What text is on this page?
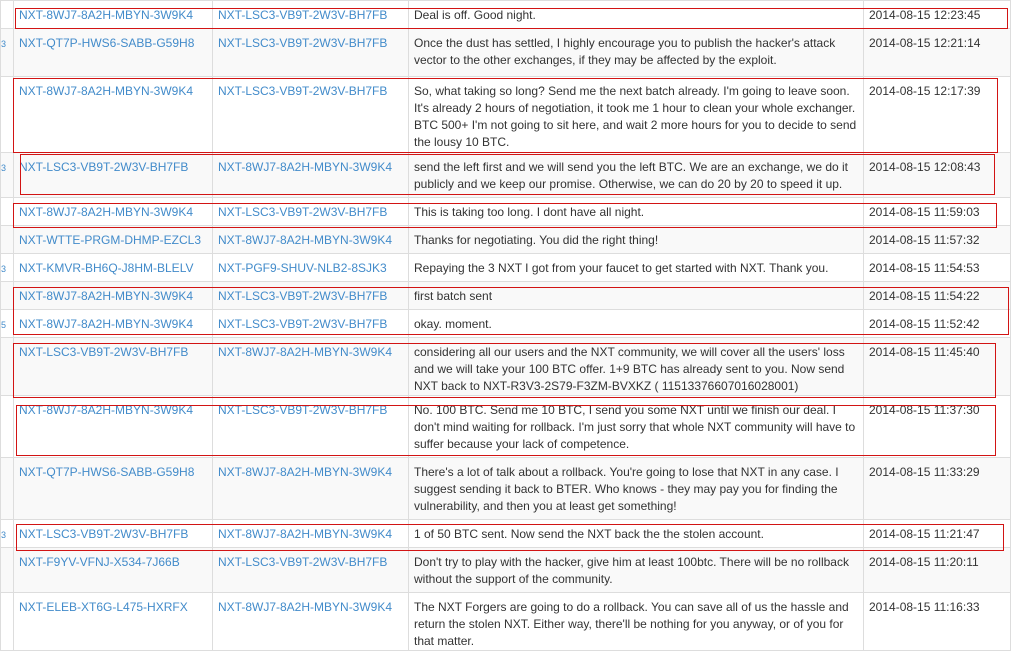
	NXT-8WJ7-8A2H-MBYN-3W9K4	NXT-LSC3-VB9T-2W3V-BH7FB	Deal is off. Good night.	2014-08-15 12:23:45
3	NXT-QT7P-HWS6-SABB-G59H8	NXT-LSC3-VB9T-2W3V-BH7FB	Once the dust has settled, I highly encourage you to publish the hacker's attack vector to the other exchanges, if they may be affected by the exploit.	2014-08-15 12:21:14
	NXT-8WJ7-8A2H-MBYN-3W9K4	NXT-LSC3-VB9T-2W3V-BH7FB	So, what taking so long? Send me the next batch already. I'm going to leave soon. It's already 2 hours of negotiation, it took me 1 hour to clean your whole exchanger. BTC 500+ I'm not going to sit here, and wait 2 more hours for you to decide to send the lousy 10 BTC.	2014-08-15 12:17:39
3	NXT-LSC3-VB9T-2W3V-BH7FB	NXT-8WJ7-8A2H-MBYN-3W9K4	send the left first and we will send you the left BTC. We are an exchange, we do it publicly and we keep our promise. Otherwise, we can do 20 by 20 to speed it up.	2014-08-15 12:08:43
	NXT-8WJ7-8A2H-MBYN-3W9K4	NXT-LSC3-VB9T-2W3V-BH7FB	This is taking too long. I dont have all night.	2014-08-15 11:59:03
	NXT-WTTE-PRGM-DHMP-EZCL3	NXT-8WJ7-8A2H-MBYN-3W9K4	Thanks for negotiating. You did the right thing!	2014-08-15 11:57:32
3	NXT-KMVR-BH6Q-J8HM-BLELV	NXT-PGF9-SHUV-NLB2-8SJK3	Repaying the 3 NXT I got from your faucet to get started with NXT. Thank you.	2014-08-15 11:54:53
	NXT-8WJ7-8A2H-MBYN-3W9K4	NXT-LSC3-VB9T-2W3V-BH7FB	first batch sent	2014-08-15 11:54:22
5	NXT-8WJ7-8A2H-MBYN-3W9K4	NXT-LSC3-VB9T-2W3V-BH7FB	okay. moment.	2014-08-15 11:52:42
	NXT-LSC3-VB9T-2W3V-BH7FB	NXT-8WJ7-8A2H-MBYN-3W9K4	considering all our users and the NXT community, we will cover all the users' loss and we will take your 100 BTC offer. 1+9 BTC has already sent to you. Now send NXT back to NXT-R3V3-2S79-F3ZM-BVXKZ ( 11513376607016028001)	2014-08-15 11:45:40
	NXT-8WJ7-8A2H-MBYN-3W9K4	NXT-LSC3-VB9T-2W3V-BH7FB	No. 100 BTC. Send me 10 BTC, I send you some NXT until we finish our deal. I don't mind waiting for rollback. I'm just sorry that whole NXT community will have to suffer because your lack of competence.	2014-08-15 11:37:30
	NXT-QT7P-HWS6-SABB-G59H8	NXT-8WJ7-8A2H-MBYN-3W9K4	There's a lot of talk about a rollback. You're going to lose that NXT in any case. I suggest sending it back to BTER. Who knows - they may pay you for finding the vulnerability, and then you at least get something!	2014-08-15 11:33:29
3	NXT-LSC3-VB9T-2W3V-BH7FB	NXT-8WJ7-8A2H-MBYN-3W9K4	1 of 50 BTC sent. Now send the NXT back the the stolen account.	2014-08-15 11:21:47
	NXT-F9YV-VFNJ-X534-7J66B	NXT-LSC3-VB9T-2W3V-BH7FB	Don't try to play with the hacker, give him at least 100btc. There will be no rollback without the support of the community.	2014-08-15 11:20:11
	NXT-ELEB-XT6G-L475-HXRFX	NXT-8WJ7-8A2H-MBYN-3W9K4	The NXT Forgers are going to do a rollback. You can save all of us the hassle and return the stolen NXT. Either way, there'll be nothing for you anyway, or of you for that matter.	2014-08-15 11:16:33
